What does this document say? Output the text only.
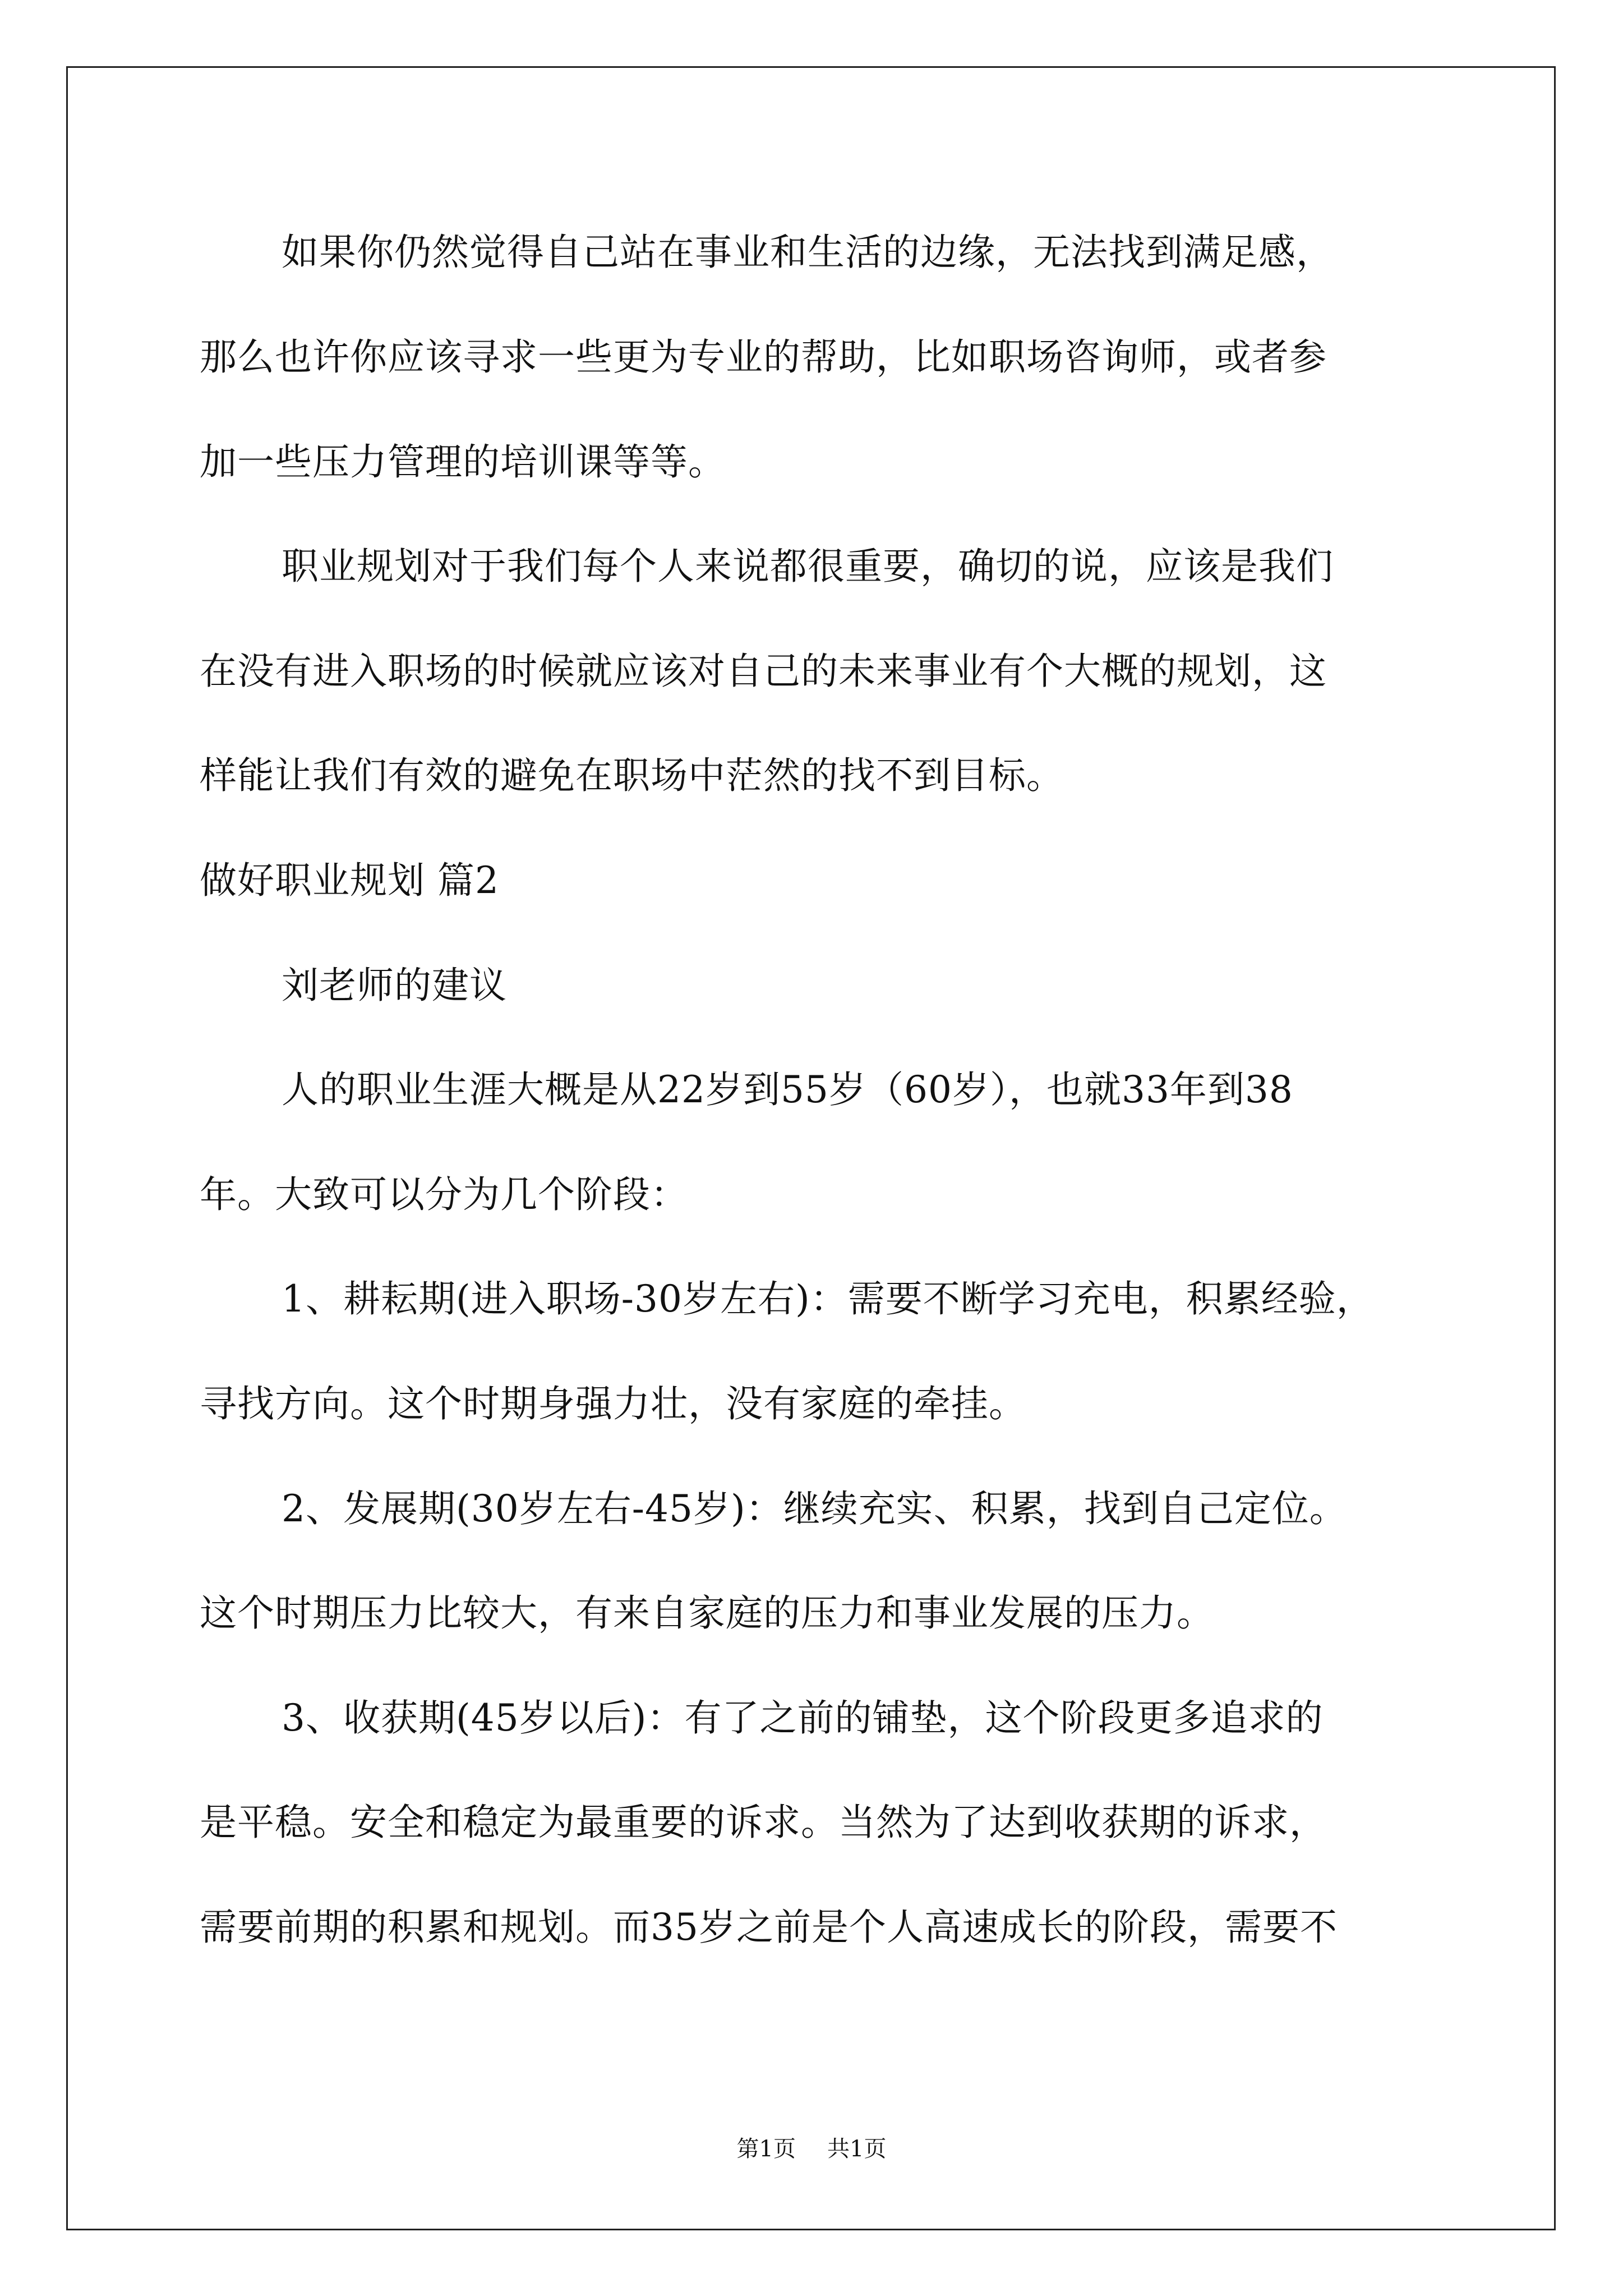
如果你仍然觉得自己站在事业和生活的边缘，无法找到满足感，
那么也许你应该寻求一些更为专业的帮助，比如职场咨询师，或者参
加一些压力管理的培训课等等。
职业规划对于我们每个人来说都很重要，确切的说，应该是我们
在没有进入职场的时候就应该对自己的未来事业有个大概的规划，这
样能让我们有效的避免在职场中茫然的找不到目标。
做好职业规划 篇2
刘老师的建议
人的职业生涯大概是从22岁到55岁（60岁），也就33年到38
年。大致可以分为几个阶段：
1、耕耘期(进入职场-30岁左右)：需要不断学习充电，积累经验，
寻找方向。这个时期身强力壮，没有家庭的牵挂。
2、发展期(30岁左右-45岁)：继续充实、积累，找到自己定位。
这个时期压力比较大，有来自家庭的压力和事业发展的压力。
3、收获期(45岁以后)：有了之前的铺垫，这个阶段更多追求的
是平稳。安全和稳定为最重要的诉求。当然为了达到收获期的诉求，
需要前期的积累和规划。而35岁之前是个人高速成长的阶段，需要不
第1页 共1页
